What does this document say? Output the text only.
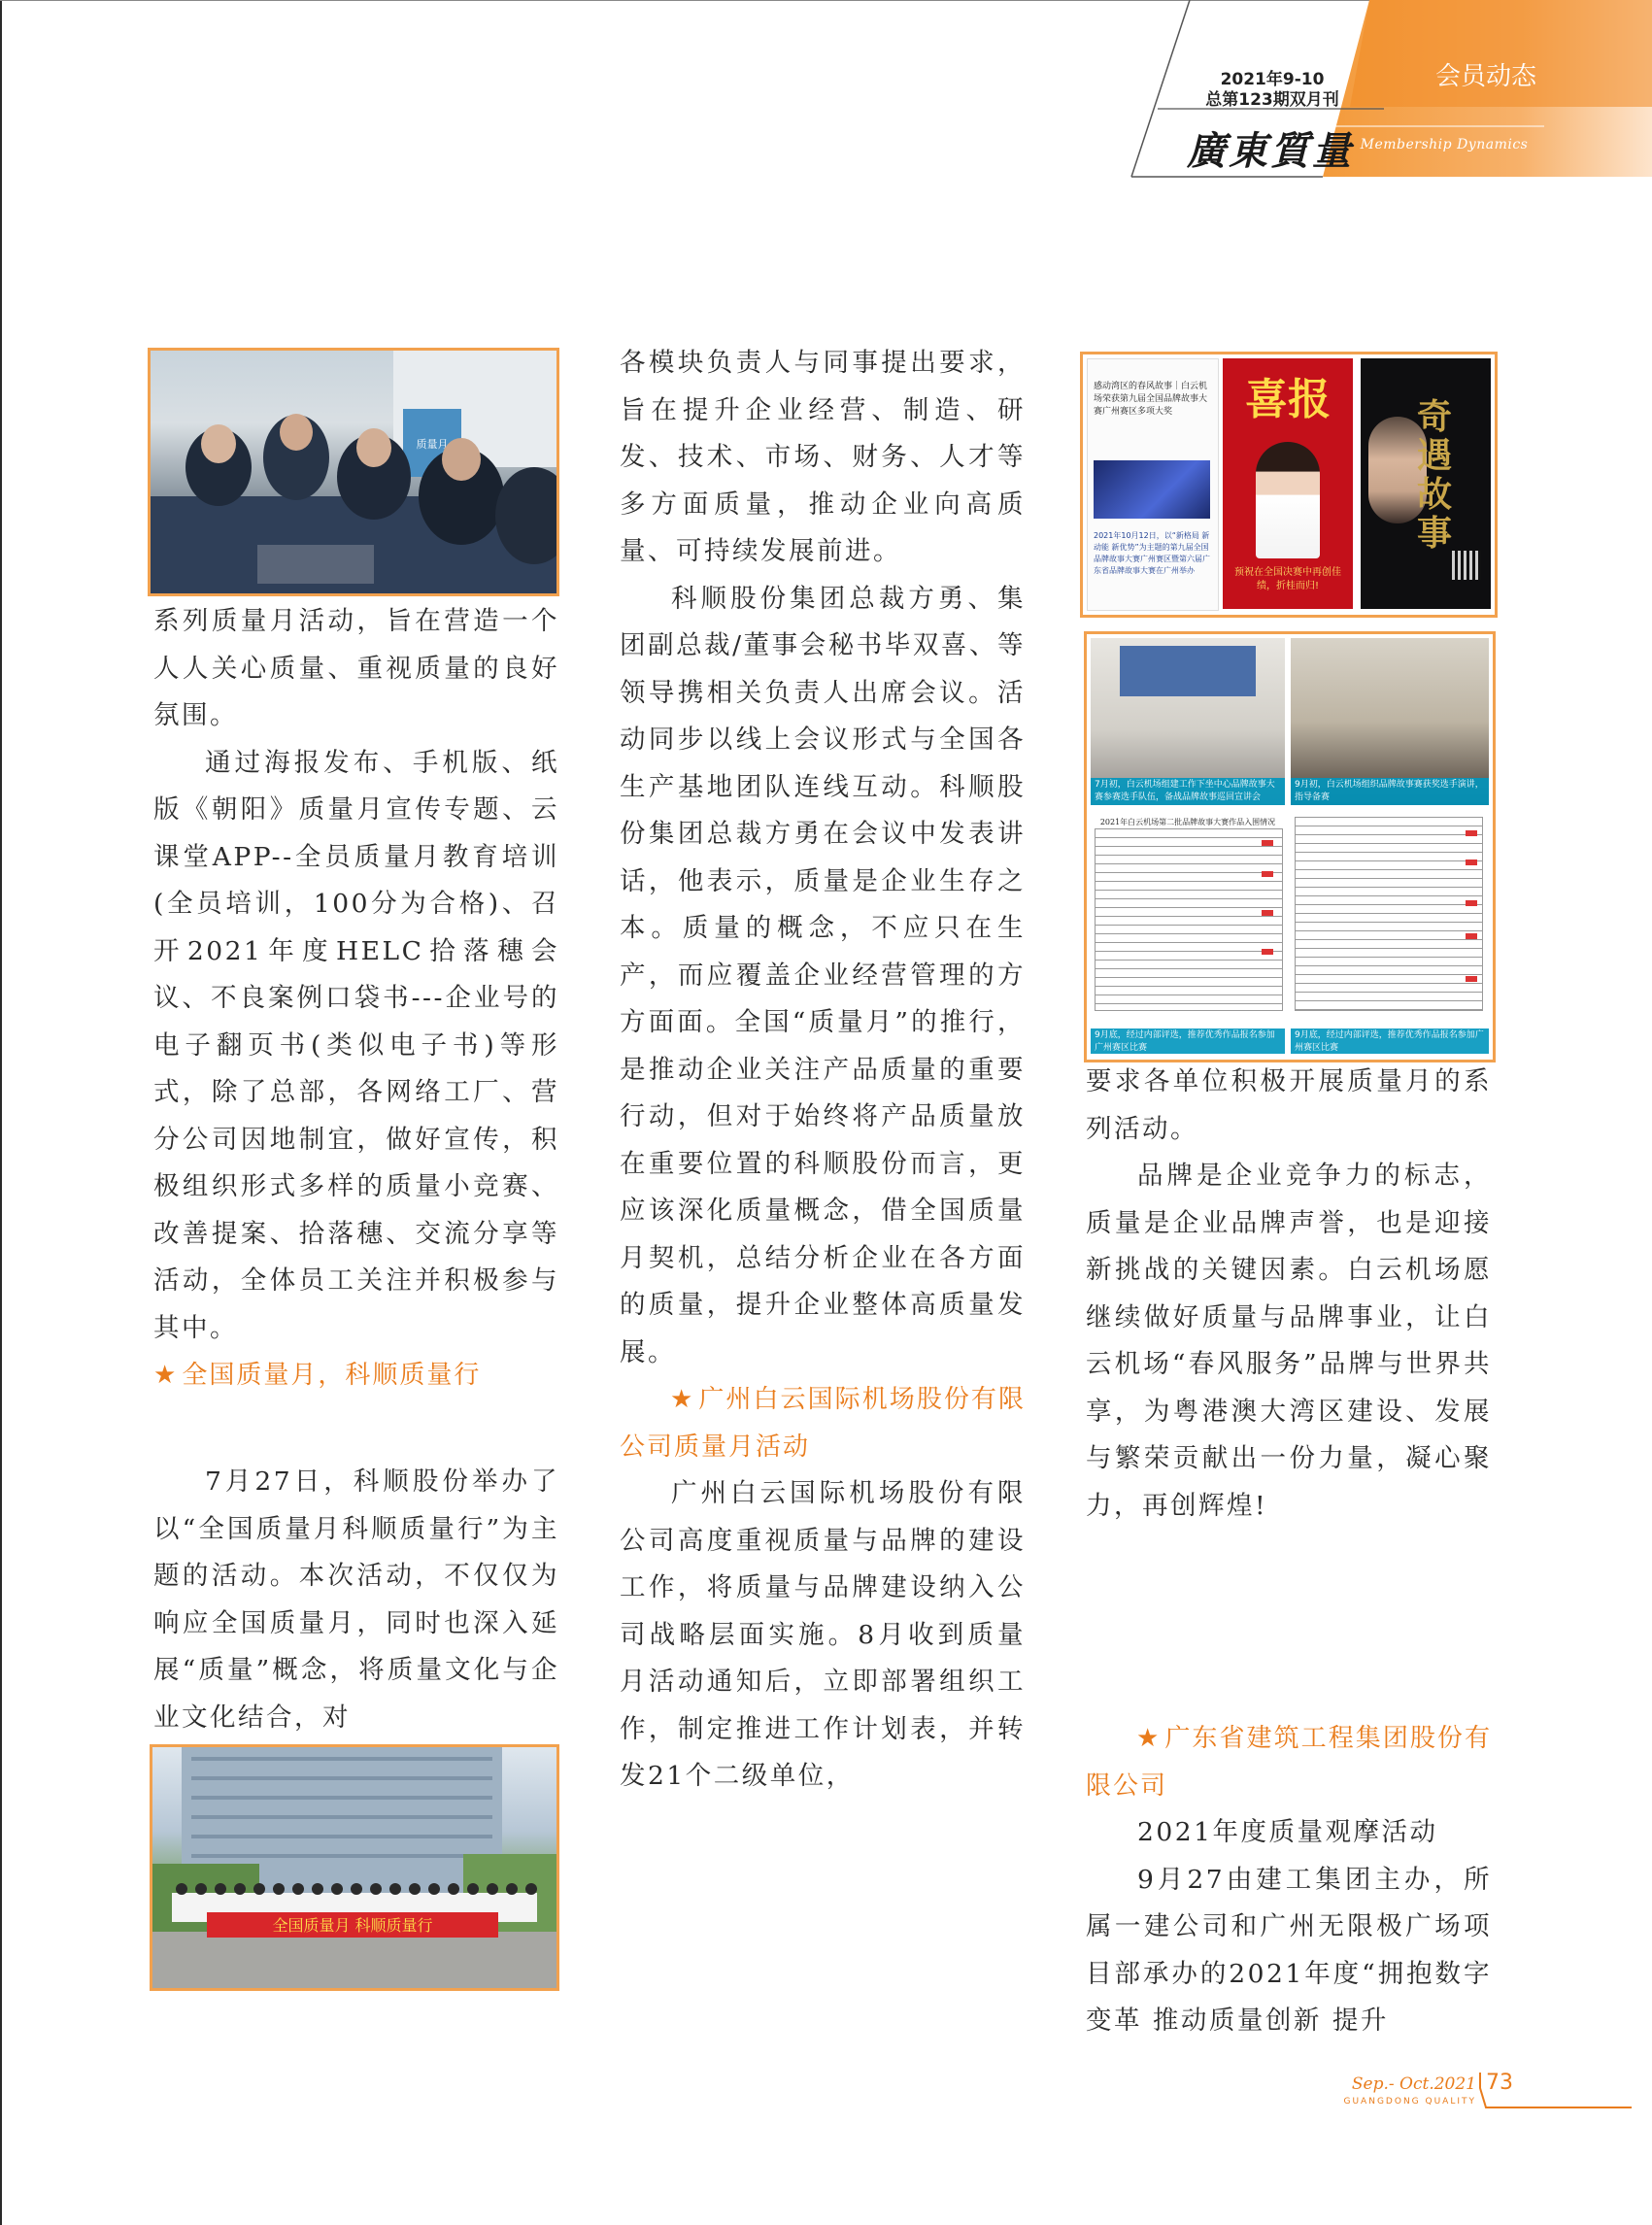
2021年9-10
总第123期双月刊
廣東質量
会员动态
Membership Dynamics
质量月

系列质量月活动，旨在营造一个人人关心质量、重视质量的良好氛围。

通过海报发布、手机版、纸版《朝阳》质量月宣传专题、云课堂APP--全员质量月教育培训(全员培训，100分为合格)、召开2021年度HELC拾落穗会议、不良案例口袋书---企业号的电子翻页书(类似电子书)等形式，除了总部，各网络工厂、营分公司因地制宜，做好宣传，积极组织形式多样的质量小竞赛、改善提案、拾落穗、交流分享等活动，全体员工关注并积极参与其中。

★ 全国质量月，科顺质量行

7月27日，科顺股份举办了以“全国质量月科顺质量行”为主题的活动。本次活动，不仅仅为响应全国质量月，同时也深入延展“质量”概念，将质量文化与企业文化结合，对

全国质量月 科顺质量行

各模块负责人与同事提出要求，旨在提升企业经营、制造、研发、技术、市场、财务、人才等多方面质量，推动企业向高质量、可持续发展前进。

科顺股份集团总裁方勇、集团副总裁/董事会秘书毕双喜、等领导携相关负责人出席会议。活动同步以线上会议形式与全国各生产基地团队连线互动。科顺股份集团总裁方勇在会议中发表讲话，他表示，质量是企业生存之本。质量的概念，不应只在生产，而应覆盖企业经营管理的方方面面。全国“质量月”的推行，是推动企业关注产品质量的重要行动，但对于始终将产品质量放在重要位置的科顺股份而言，更应该深化质量概念，借全国质量月契机，总结分析企业在各方面的质量，提升企业整体高质量发展。

★ 广州白云国际机场股份有限公司质量月活动

广州白云国际机场股份有限公司高度重视质量与品牌的建设工作，将质量与品牌建设纳入公司战略层面实施。8月收到质量月活动通知后，立即部署组织工作，制定推进工作计划表，并转发21个二级单位，

感动湾区的春风故事｜白云机场荣获第九届全国品牌故事大赛广州赛区多项大奖
2021年10月12日，以“新格局 新动能 新优势”为主题的第九届全国品牌故事大赛广州赛区暨第六届广东省品牌故事大赛在广州举办
喜报
预祝在全国决赛中再创佳绩，折桂而归!
奇遇故事
7月初，白云机场组建工作下坐中心品牌故事大赛参赛选手队伍，备战品牌故事巡回宣讲会
9月初，白云机场组织品牌故事赛获奖选手演讲，指导备赛
2021年白云机场第二批品牌故事大赛作品入围情况
9月底，经过内部评选，推荐优秀作品报名参加广州赛区比赛
9月底，经过内部评选，推荐优秀作品报名参加广州赛区比赛

要求各单位积极开展质量月的系列活动。

品牌是企业竞争力的标志，质量是企业品牌声誉，也是迎接新挑战的关键因素。白云机场愿继续做好质量与品牌事业，让白云机场“春风服务”品牌与世界共享，为粤港澳大湾区建设、发展与繁荣贡献出一份力量，凝心聚力，再创辉煌!

★ 广东省建筑工程集团股份有限公司

2021年度质量观摩活动

9月27由建工集团主办，所属一建公司和广州无限极广场项目部承办的2021年度“拥抱数字变革 推动质量创新 提升

Sep.- Oct.2021
GUANGDONG QUALITY
73
